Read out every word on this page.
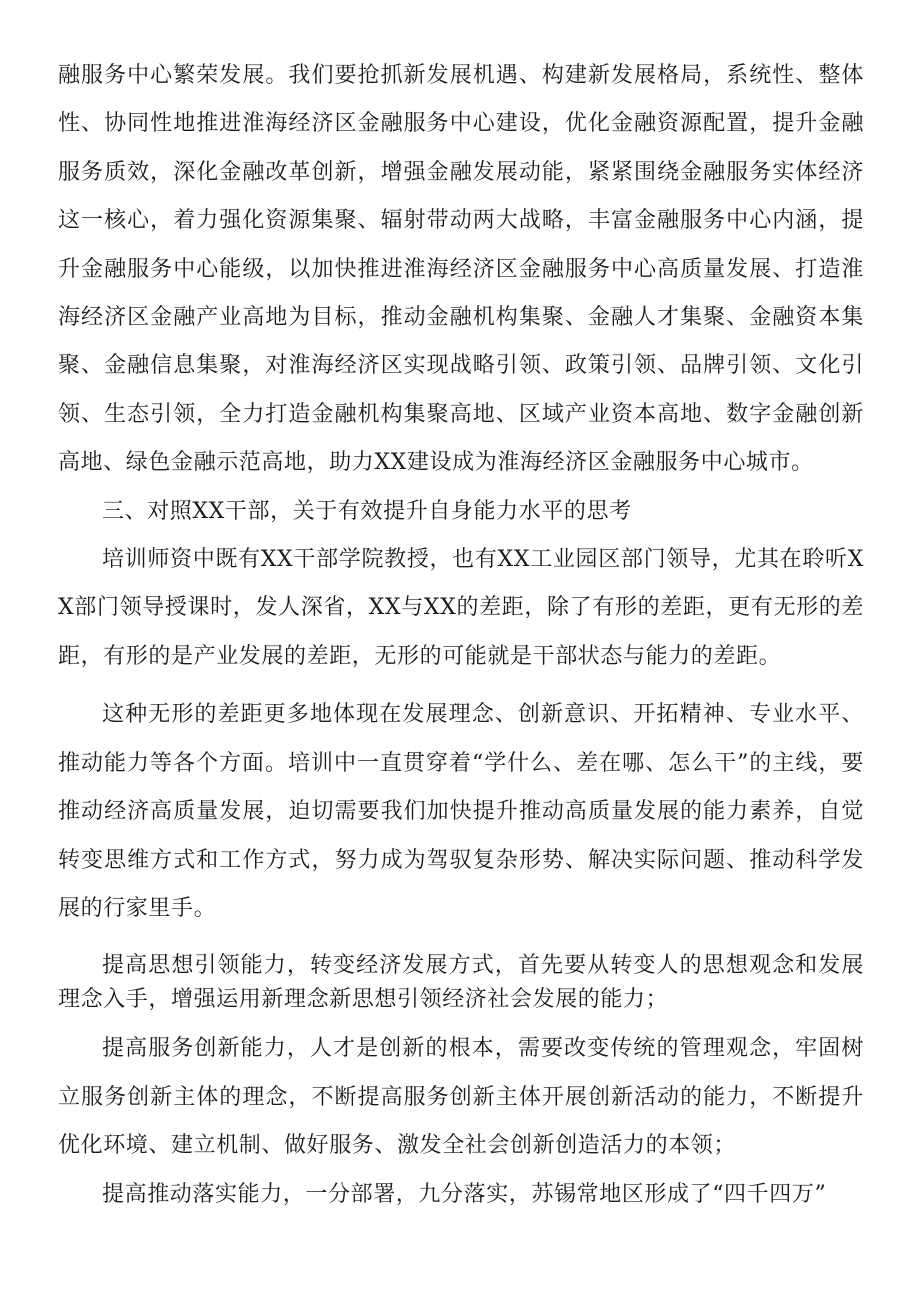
融服务中心繁荣发展。我们要抢抓新发展机遇、构建新发展格局，系统性、整体性、协同性地推进淮海经济区金融服务中心建设，优化金融资源配置，提升金融服务质效，深化金融改革创新，增强金融发展动能，紧紧围绕金融服务实体经济这一核心，着力强化资源集聚、辐射带动两大战略，丰富金融服务中心内涵，提升金融服务中心能级，以加快推进淮海经济区金融服务中心高质量发展、打造淮海经济区金融产业高地为目标，推动金融机构集聚、金融人才集聚、金融资本集聚、金融信息集聚，对淮海经济区实现战略引领、政策引领、品牌引领、文化引领、生态引领，全力打造金融机构集聚高地、区域产业资本高地、数字金融创新高地、绿色金融示范高地，助力XX建设成为淮海经济区金融服务中心城市。

三、对照XX干部，关于有效提升自身能力水平的思考

培训师资中既有XX干部学院教授，也有XX工业园区部门领导，尤其在聆听XX部门领导授课时，发人深省，XX与XX的差距，除了有形的差距，更有无形的差距，有形的是产业发展的差距，无形的可能就是干部状态与能力的差距。

这种无形的差距更多地体现在发展理念、创新意识、开拓精神、专业水平、推动能力等各个方面。培训中一直贯穿着“学什么、差在哪、怎么干”的主线，要推动经济高质量发展，迫切需要我们加快提升推动高质量发展的能力素养，自觉转变思维方式和工作方式，努力成为驾驭复杂形势、解决实际问题、推动科学发展的行家里手。

提高思想引领能力，转变经济发展方式，首先要从转变人的思想观念和发展理念入手，增强运用新理念新思想引领经济社会发展的能力；

提高服务创新能力，人才是创新的根本，需要改变传统的管理观念，牢固树立服务创新主体的理念，不断提高服务创新主体开展创新活动的能力，不断提升优化环境、建立机制、做好服务、激发全社会创新创造活力的本领；

提高推动落实能力，一分部署，九分落实，苏锡常地区形成了“四千四万”
